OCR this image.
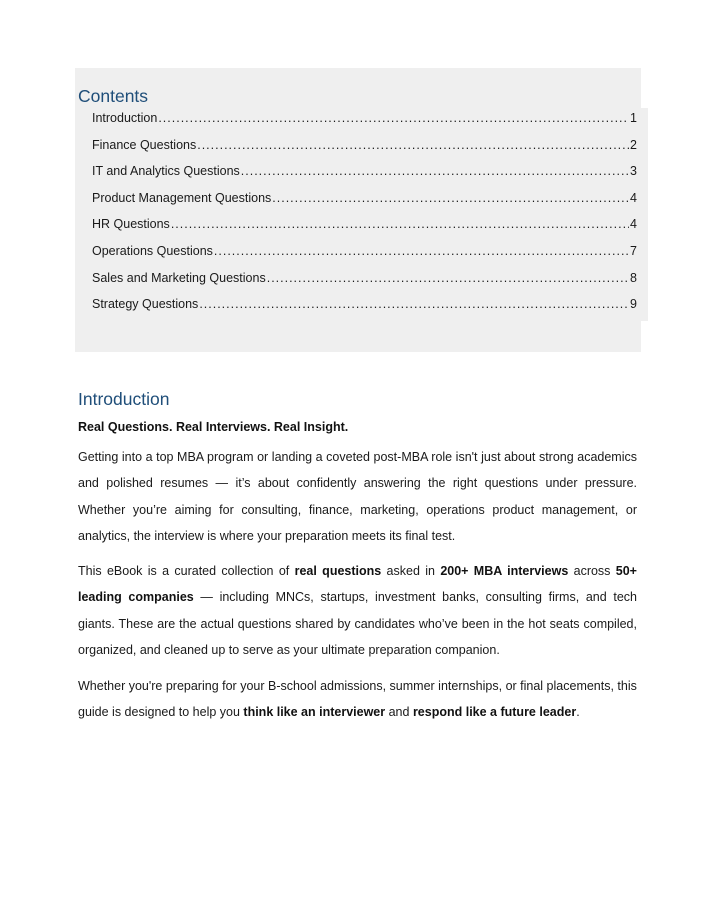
Contents
Introduction .....	1
Finance Questions .....	2
IT and Analytics Questions .....	3
Product Management Questions .....	4
HR Questions .....	4
Operations Questions .....	7
Sales and Marketing Questions .....	8
Strategy Questions .....	9
Introduction

Real Questions. Real Interviews. Real Insight.

Getting into a top MBA program or landing a coveted post-MBA role isn't just about strong academics and polished resumes — it’s about confidently answering the right questions under pressure. Whether you’re aiming for consulting, finance, marketing, operations product management, or analytics, the interview is where your preparation meets its final test.

This eBook is a curated collection of real questions asked in 200+ MBA interviews across 50+ leading companies — including MNCs, startups, investment banks, consulting firms, and tech giants. These are the actual questions shared by candidates who’ve been in the hot seats compiled, organized, and cleaned up to serve as your ultimate preparation companion.

Whether you're preparing for your B-school admissions, summer internships, or final placements, this guide is designed to help you think like an interviewer and respond like a future leader.
